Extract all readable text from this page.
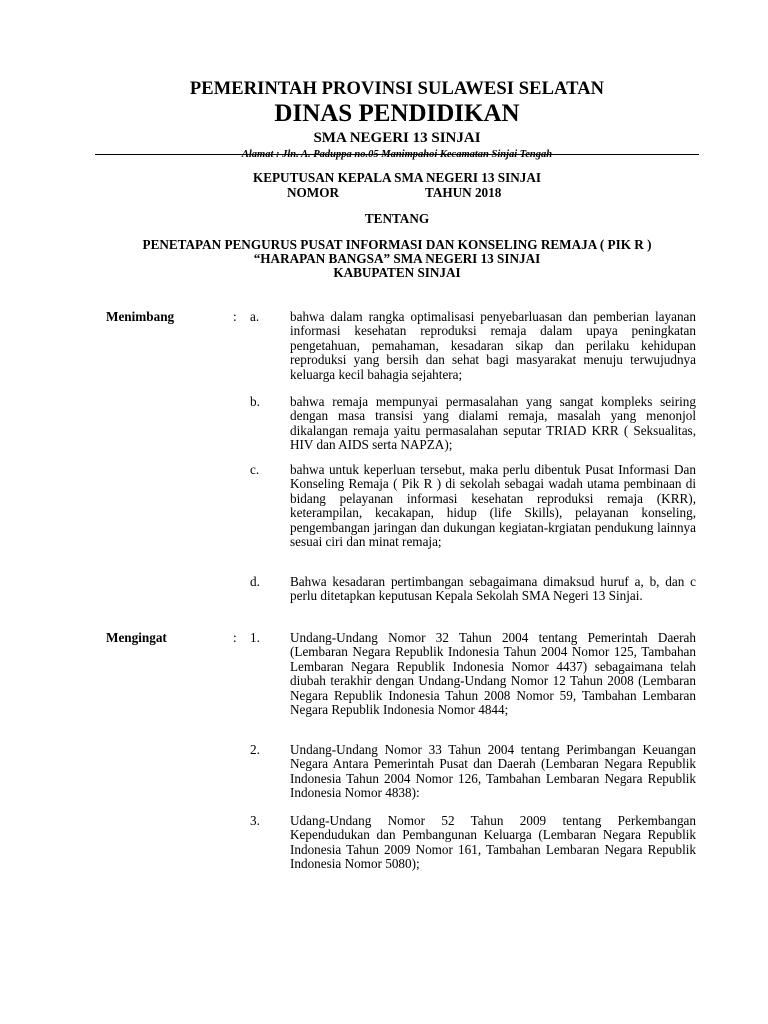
PEMERINTAH PROVINSI SULAWESI SELATAN
DINAS PENDIDIKAN
SMA NEGERI 13 SINJAI
Alamat : Jln. A. Paduppa no.05 Manimpahoi Kecamatan Sinjai Tengah
KEPUTUSAN KEPALA SMA NEGERI 13 SINJAI
NOMOR	TAHUN 2018
TENTANG
PENETAPAN PENGURUS PUSAT INFORMASI DAN KONSELING REMAJA ( PIK R )
“HARAPAN BANGSA” SMA NEGERI 13 SINJAI
KABUPATEN SINJAI
Menimbang	: a. bahwa dalam rangka optimalisasi penyebarluasan dan pemberian layanan informasi kesehatan reproduksi remaja dalam upaya peningkatan pengetahuan, pemahaman, kesadaran sikap dan perilaku kehidupan reproduksi yang bersih dan sehat bagi masyarakat menuju terwujudnya keluarga kecil bahagia sejahtera;
b. bahwa remaja mempunyai permasalahan yang sangat kompleks seiring dengan masa transisi yang dialami remaja, masalah yang menonjol dikalangan remaja yaitu permasalahan seputar TRIAD KRR ( Seksualitas, HIV dan AIDS serta NAPZA);
c. bahwa untuk keperluan tersebut, maka perlu dibentuk Pusat Informasi Dan Konseling Remaja ( Pik R ) di sekolah sebagai wadah utama pembinaan di bidang pelayanan informasi kesehatan reproduksi remaja (KRR), keterampilan, kecakapan, hidup (life Skills), pelayanan konseling, pengembangan jaringan dan dukungan kegiatan-krgiatan pendukung lainnya sesuai ciri dan minat remaja;
d. Bahwa kesadaran pertimbangan sebagaimana dimaksud huruf a, b, dan c perlu ditetapkan keputusan Kepala Sekolah SMA Negeri 13 Sinjai.
Mengingat	: 1. Undang-Undang Nomor 32 Tahun 2004 tentang Pemerintah Daerah (Lembaran Negara Republik Indonesia Tahun 2004 Nomor 125, Tambahan Lembaran Negara Republik Indonesia Nomor 4437) sebagaimana telah diubah terakhir dengan Undang-Undang Nomor 12 Tahun 2008 (Lembaran Negara Republik Indonesia Tahun 2008 Nomor 59, Tambahan Lembaran Negara Republik Indonesia Nomor 4844;
2. Undang-Undang Nomor 33 Tahun 2004 tentang Perimbangan Keuangan Negara Antara Pemerintah Pusat dan Daerah (Lembaran Negara Republik Indonesia Tahun 2004 Nomor 126, Tambahan Lembaran Negara Republik Indonesia Nomor 4838):
3. Udang-Undang Nomor 52 Tahun 2009 tentang Perkembangan Kependudukan dan Pembangunan Keluarga (Lembaran Negara Republik Indonesia Tahun 2009 Nomor 161, Tambahan Lembaran Negara Republik Indonesia Nomor 5080);
